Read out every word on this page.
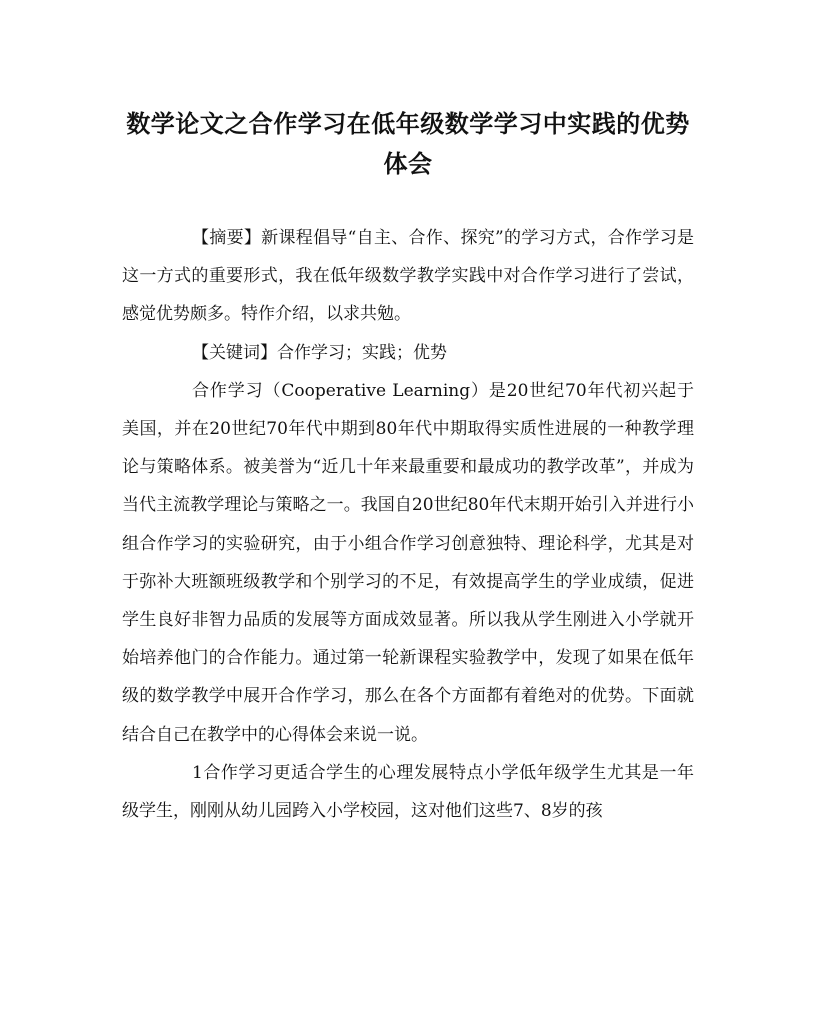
数学论文之合作学习在低年级数学学习中实践的优势
体会

【摘要】新课程倡导“自主、合作、探究”的学习方式，合作学习是这一方式的重要形式，我在低年级数学教学实践中对合作学习进行了尝试，感觉优势颇多。特作介绍，以求共勉。

【关键词】合作学习；实践；优势

合作学习（Cooperative Learning）是20世纪70年代初兴起于美国，并在20世纪70年代中期到80年代中期取得实质性进展的一种教学理论与策略体系。被美誉为“近几十年来最重要和最成功的教学改革”，并成为当代主流教学理论与策略之一。我国自20世纪80年代末期开始引入并进行小组合作学习的实验研究，由于小组合作学习创意独特、理论科学，尤其是对于弥补大班额班级教学和个别学习的不足，有效提高学生的学业成绩，促进学生良好非智力品质的发展等方面成效显著。所以我从学生刚进入小学就开始培养他门的合作能力。通过第一轮新课程实验教学中，发现了如果在低年级的数学教学中展开合作学习，那么在各个方面都有着绝对的优势。下面就结合自己在教学中的心得体会来说一说。

1合作学习更适合学生的心理发展特点小学低年级学生尤其是一年级学生，刚刚从幼儿园跨入小学校园，这对他们这些7、8岁的孩
